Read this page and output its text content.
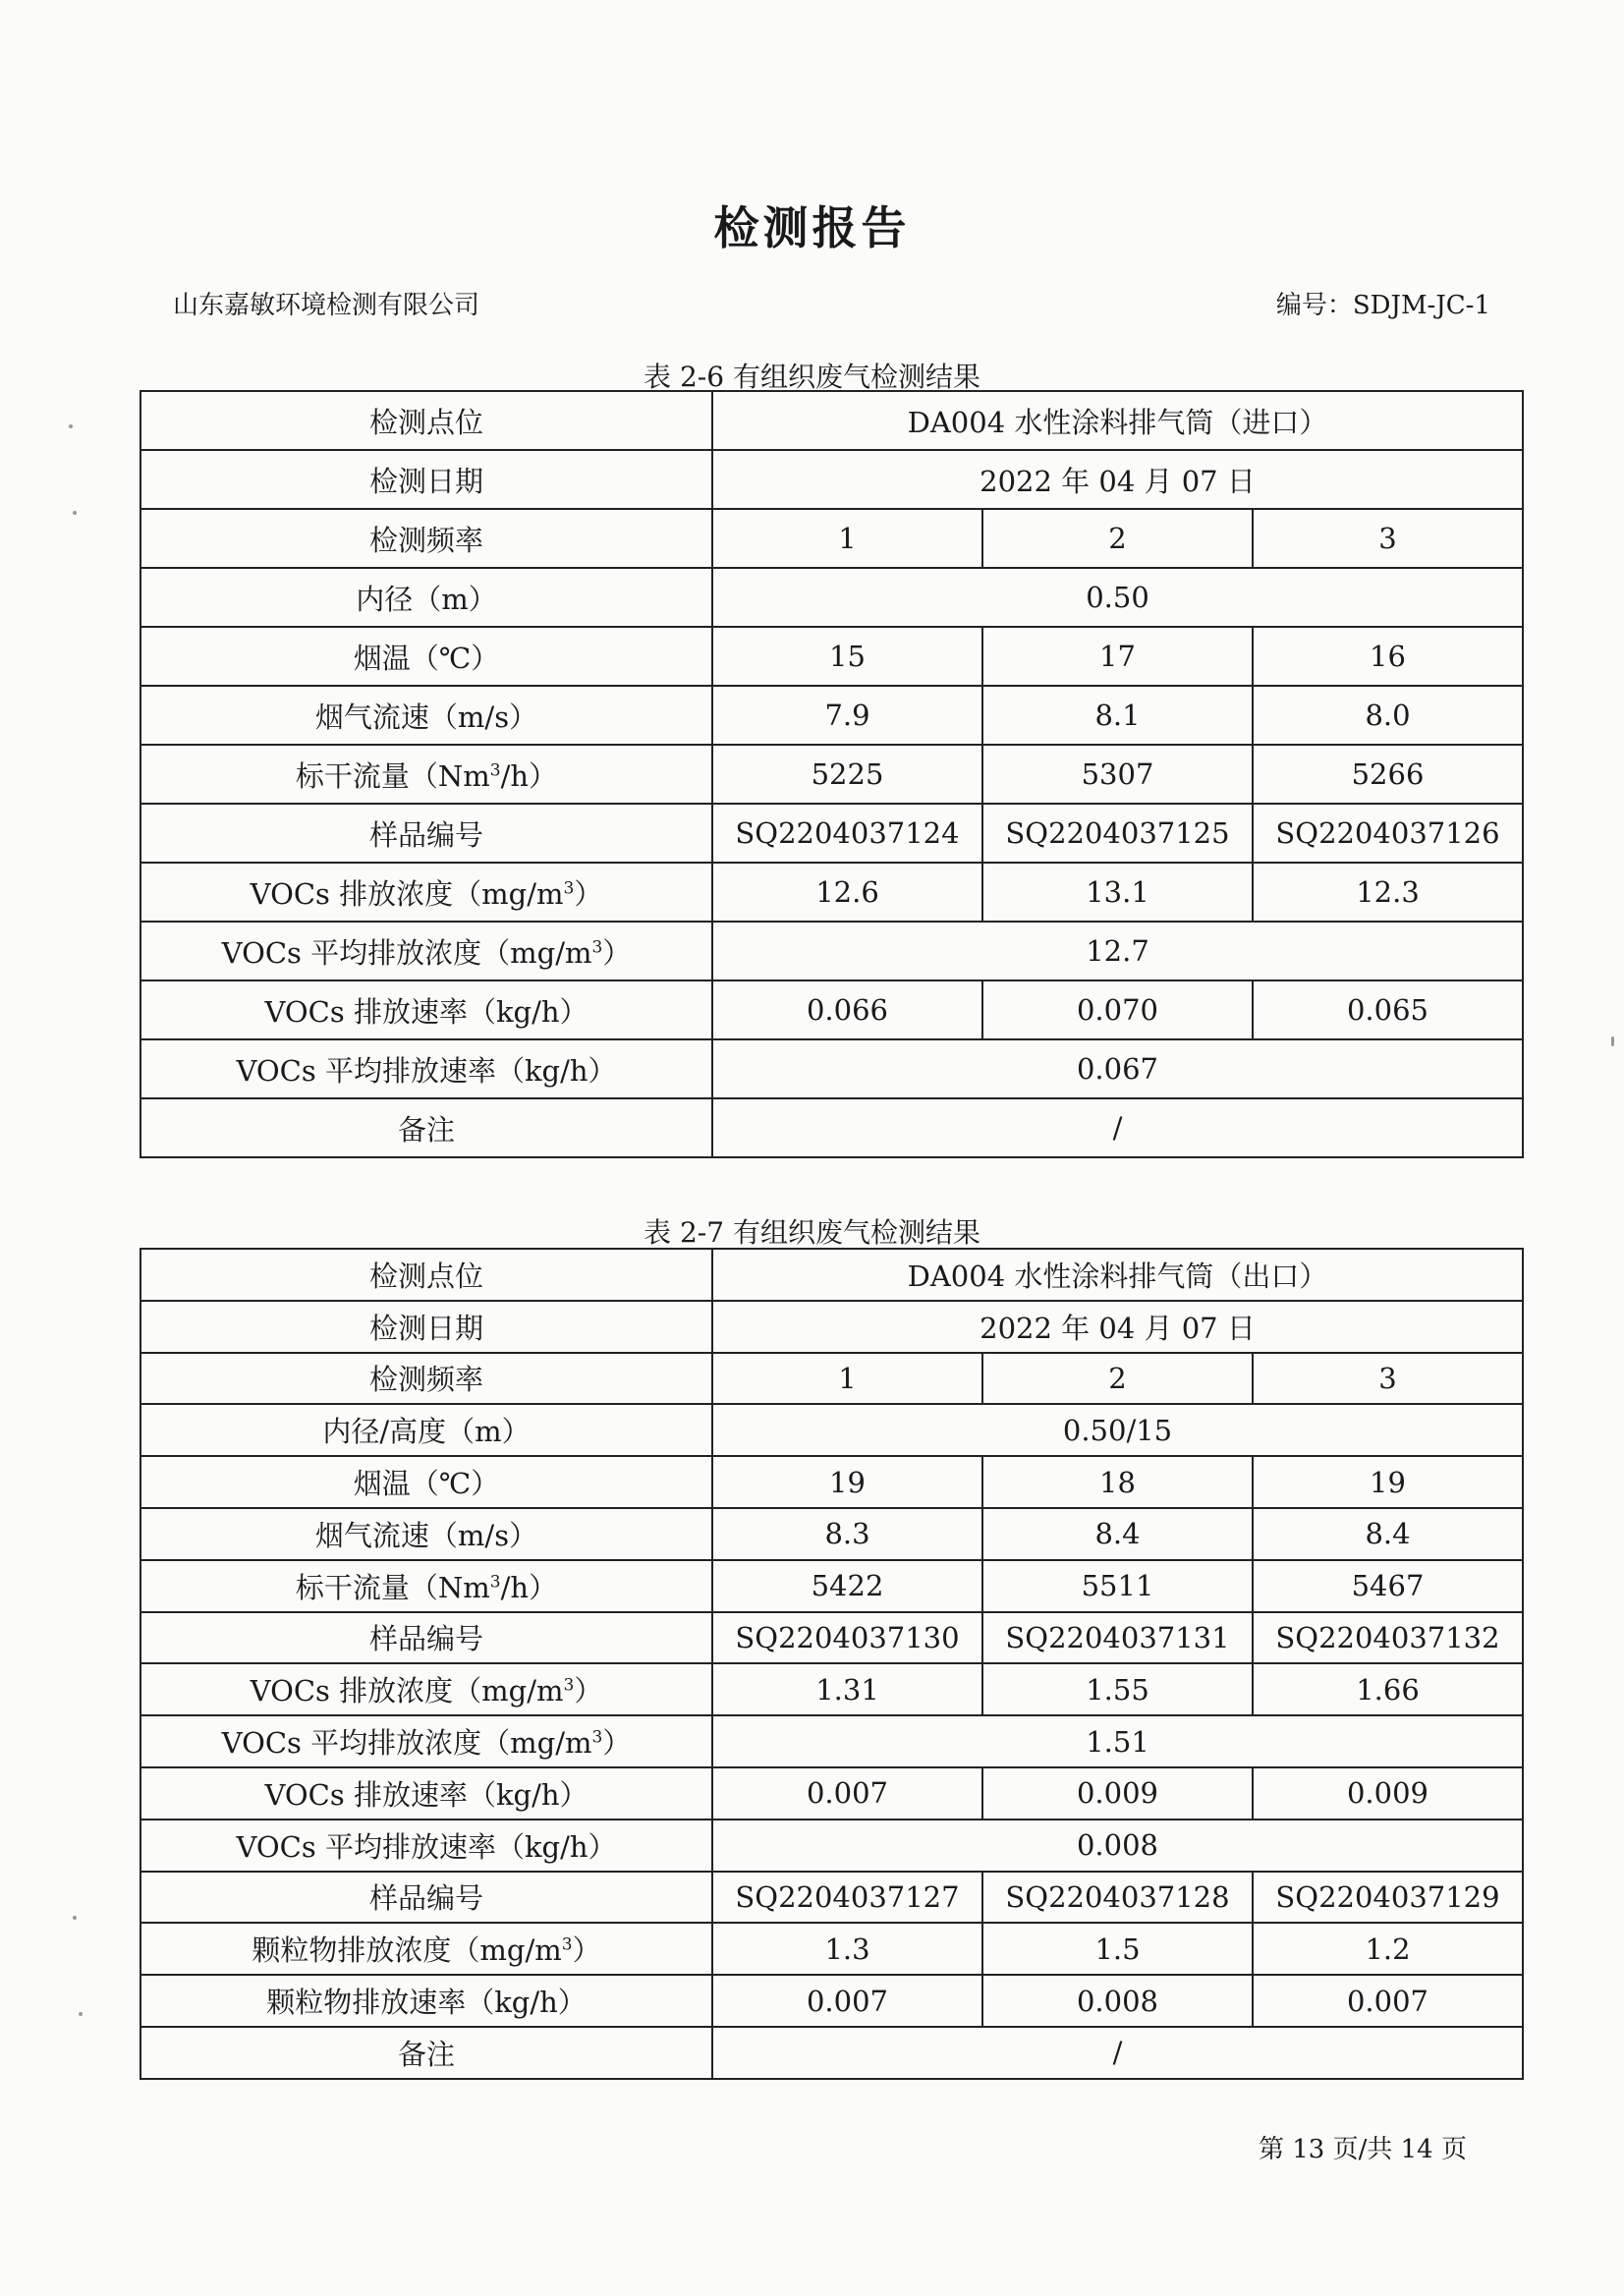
检测报告
山东嘉敏环境检测有限公司	编号：SDJM-JC-1
表 2-6 有组织废气检测结果
检测点位	DA004 水性涂料排气筒（进口）		
检测日期	2022 年 04 月 07 日		
检测频率	1	2	3
内径（m）	0.50		
烟温（℃）	15	17	16
烟气流速（m/s）	7.9	8.1	8.0
标干流量（Nm$^3$/h）	5225	5307	5266
样品编号	SQ2204037124	SQ2204037125	SQ2204037126
VOCs 排放浓度$(mg/m^3)$	12.6	13.1	12.3
VOCs 平均排放浓度$(mg/m^3)$	12.7		
VOCs 排放速率（kg/h）	0.066	0.070	0.065
VOCs 平均排放速率（kg/h）	0.067		
备注	/		
表 2-7 有组织废气检测结果
检测点位	DA004 水性涂料排气筒（出口）		
检测日期	2022 年 04 月 07 日		
检测频率	1	2	3
内径/高度（m）	0.50/15		
烟温（℃）	19	18	19
烟气流速（m/s）	8.3	8.4	8.4
标干流量（Nm$^3$/h）	5422	5511	5467
样品编号	SQ2204037130	SQ2204037131	SQ2204037132
VOCs 排放浓度$(mg/m^3)$	1.31	1.55	1.66
VOCs 平均排放浓度$(mg/m^3)$	1.51		
VOCs 排放速率（kg/h）	0.007	0.009	0.009
VOCs 平均排放速率（kg/h）	0.008		
样品编号	SQ2204037127	SQ2204037128	SQ2204037129
颗粒物排放浓度$(mg/m^3)$	1.3	1.5	1.2
颗粒物排放速率（kg/h）	0.007	0.008	0.007
备注	/		
第 13 页/共 14 页
